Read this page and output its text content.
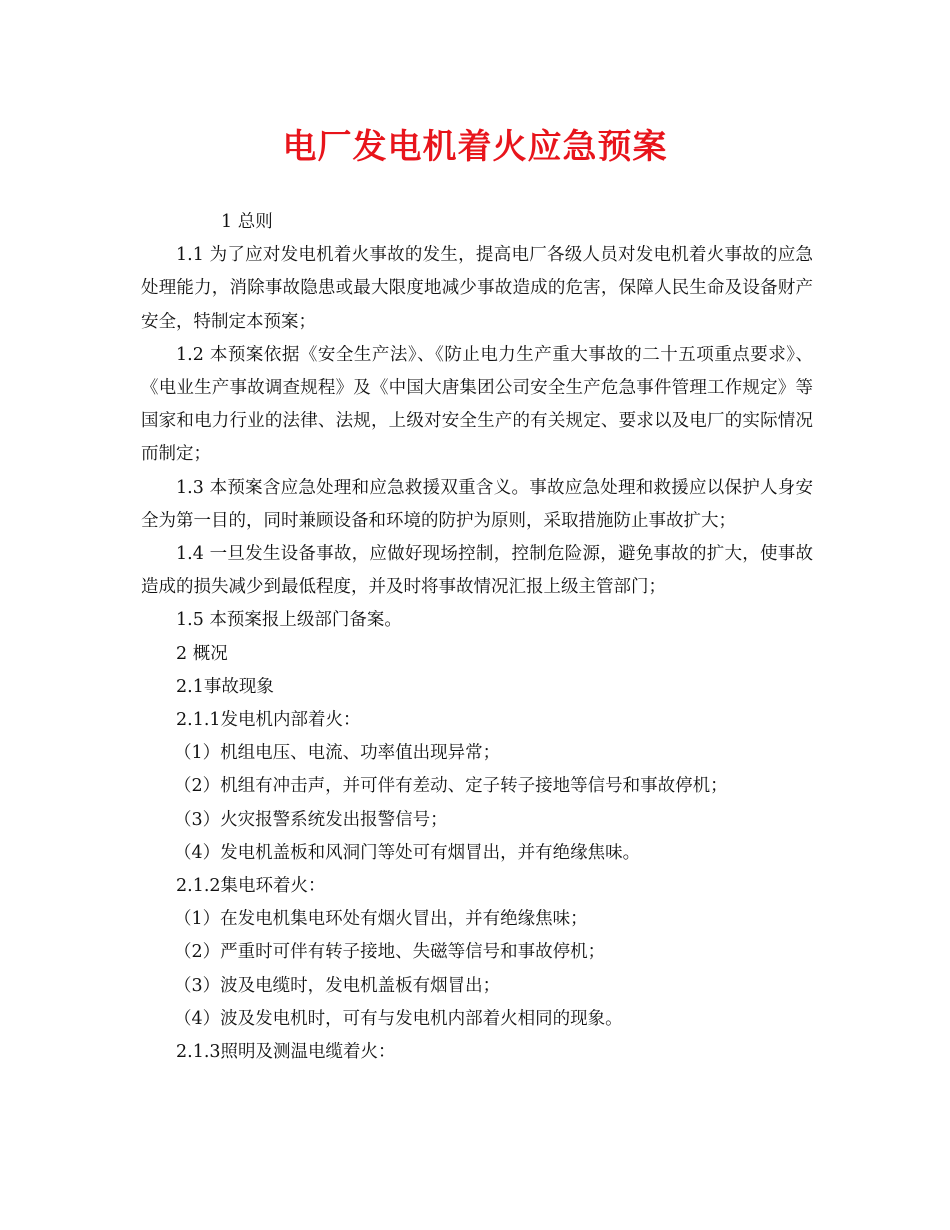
电厂发电机着火应急预案

1 总则

1.1 为了应对发电机着火事故的发生，提高电厂各级人员对发电机着火事故的应急处理能力，消除事故隐患或最大限度地减少事故造成的危害，保障人民生命及设备财产安全，特制定本预案；

1.2 本预案依据《安全生产法》、《防止电力生产重大事故的二十五项重点要求》、《电业生产事故调查规程》及《中国大唐集团公司安全生产危急事件管理工作规定》等国家和电力行业的法律、法规，上级对安全生产的有关规定、要求以及电厂的实际情况而制定；

1.3 本预案含应急处理和应急救援双重含义。事故应急处理和救援应以保护人身安全为第一目的，同时兼顾设备和环境的防护为原则，采取措施防止事故扩大；

1.4 一旦发生设备事故，应做好现场控制，控制危险源，避免事故的扩大，使事故造成的损失减少到最低程度，并及时将事故情况汇报上级主管部门；

1.5 本预案报上级部门备案。

2 概况

2.1事故现象

2.1.1发电机内部着火：

（1）机组电压、电流、功率值出现异常；

（2）机组有冲击声，并可伴有差动、定子转子接地等信号和事故停机；

（3）火灾报警系统发出报警信号；

（4）发电机盖板和风洞门等处可有烟冒出，并有绝缘焦味。

2.1.2集电环着火：

（1）在发电机集电环处有烟火冒出，并有绝缘焦味；

（2）严重时可伴有转子接地、失磁等信号和事故停机；

（3）波及电缆时，发电机盖板有烟冒出；

（4）波及发电机时，可有与发电机内部着火相同的现象。

2.1.3照明及测温电缆着火：
